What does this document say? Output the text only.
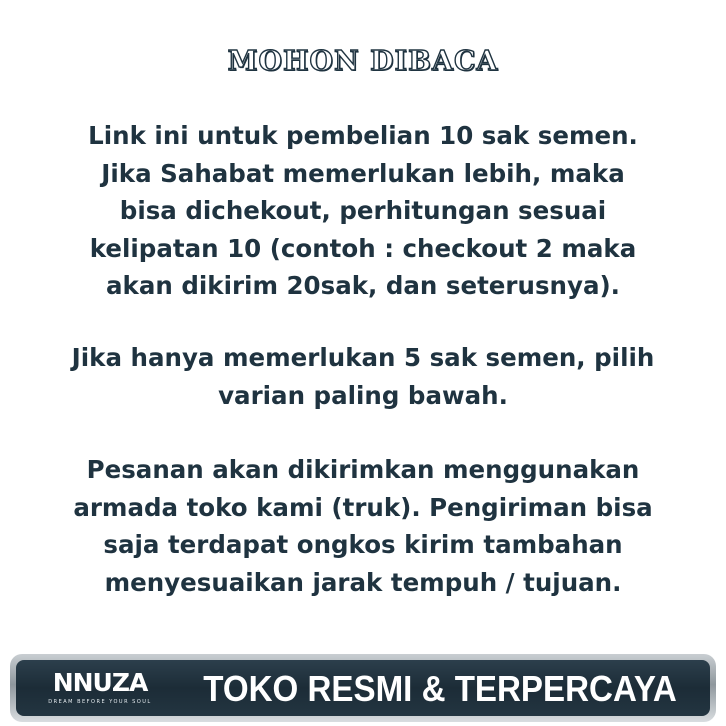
MOHON DIBACA
Link ini untuk pembelian 10 sak semen.
Jika Sahabat memerlukan lebih, maka
bisa dichekout, perhitungan sesuai
kelipatan 10 (contoh : checkout 2 maka
akan dikirim 20sak, dan seterusnya).
Jika hanya memerlukan 5 sak semen, pilih
varian paling bawah.
Pesanan akan dikirimkan menggunakan
armada toko kami (truk). Pengiriman bisa
saja terdapat ongkos kirim tambahan
menyesuaikan jarak tempuh / tujuan.
NNUZA
DREAM BEFORE YOUR SOUL	TOKO RESMI & TERPERCAYA
